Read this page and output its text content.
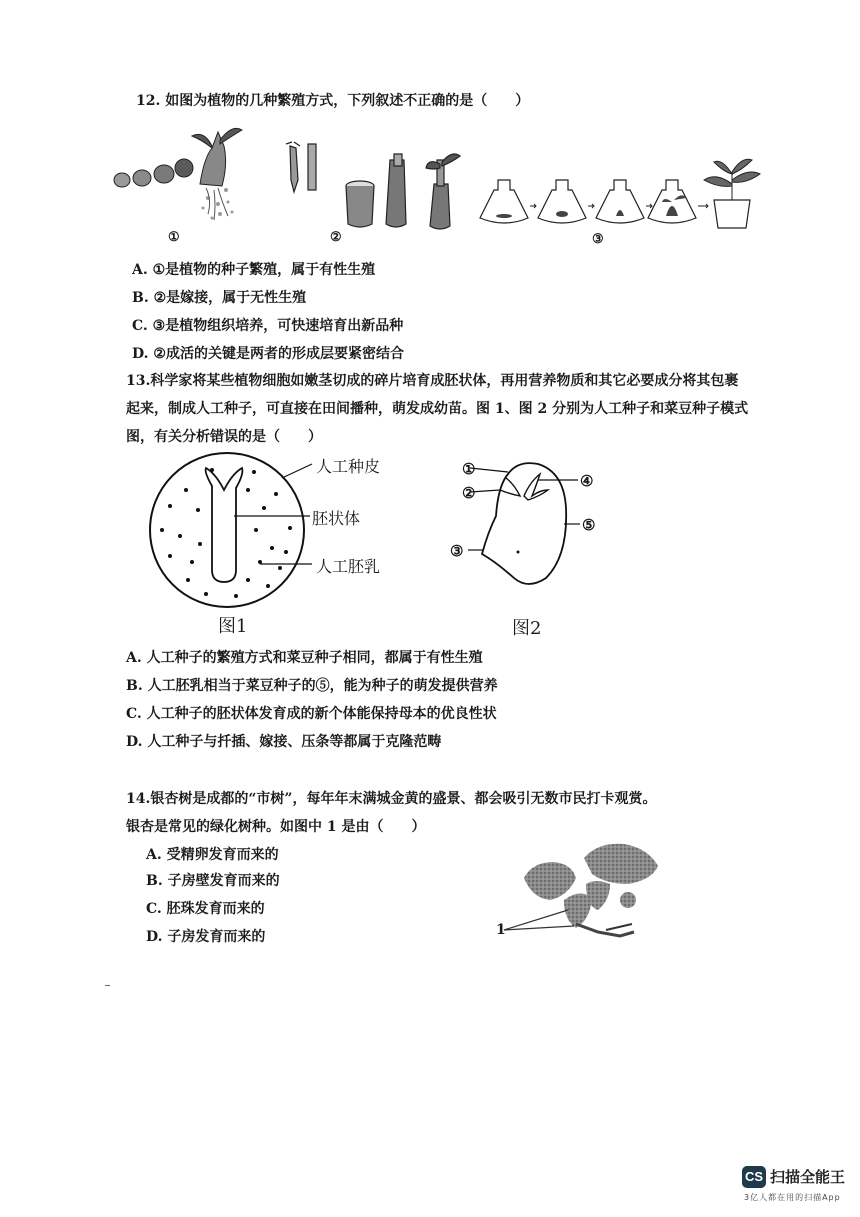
12. 如图为植物的几种繁殖方式，下列叙述不正确的是（　　）
①	②	③
A. ①是植物的种子繁殖，属于有性生殖
B. ②是嫁接，属于无性生殖
C. ③是植物组织培养，可快速培育出新品种
D. ②成活的关键是两者的形成层要紧密结合
13.科学家将某些植物细胞如嫩茎切成的碎片培育成胚状体，再用营养物质和其它必要成分将其包裹
起来，制成人工种子，可直接在田间播种，萌发成幼苗。图 1、图 2 分别为人工种子和菜豆种子模式
图，有关分析错误的是（　　）
人工种皮
胚状体
人工胚乳
图1
①
②
③
④
⑤
图2
A. 人工种子的繁殖方式和菜豆种子相同，都属于有性生殖
B. 人工胚乳相当于菜豆种子的⑤，能为种子的萌发提供营养
C. 人工种子的胚状体发育成的新个体能保持母本的优良性状
D. 人工种子与扦插、嫁接、压条等都属于克隆范畴
14.银杏树是成都的“市树”，每年年末满城金黄的盛景、都会吸引无数市民打卡观赏。
银杏是常见的绿化树种。如图中 1 是由（　　）
A. 受精卵发育而来的
B. 子房壁发育而来的
C. 胚珠发育而来的
D. 子房发育而来的	1
CS 扫描全能王
3亿人都在用的扫描App
